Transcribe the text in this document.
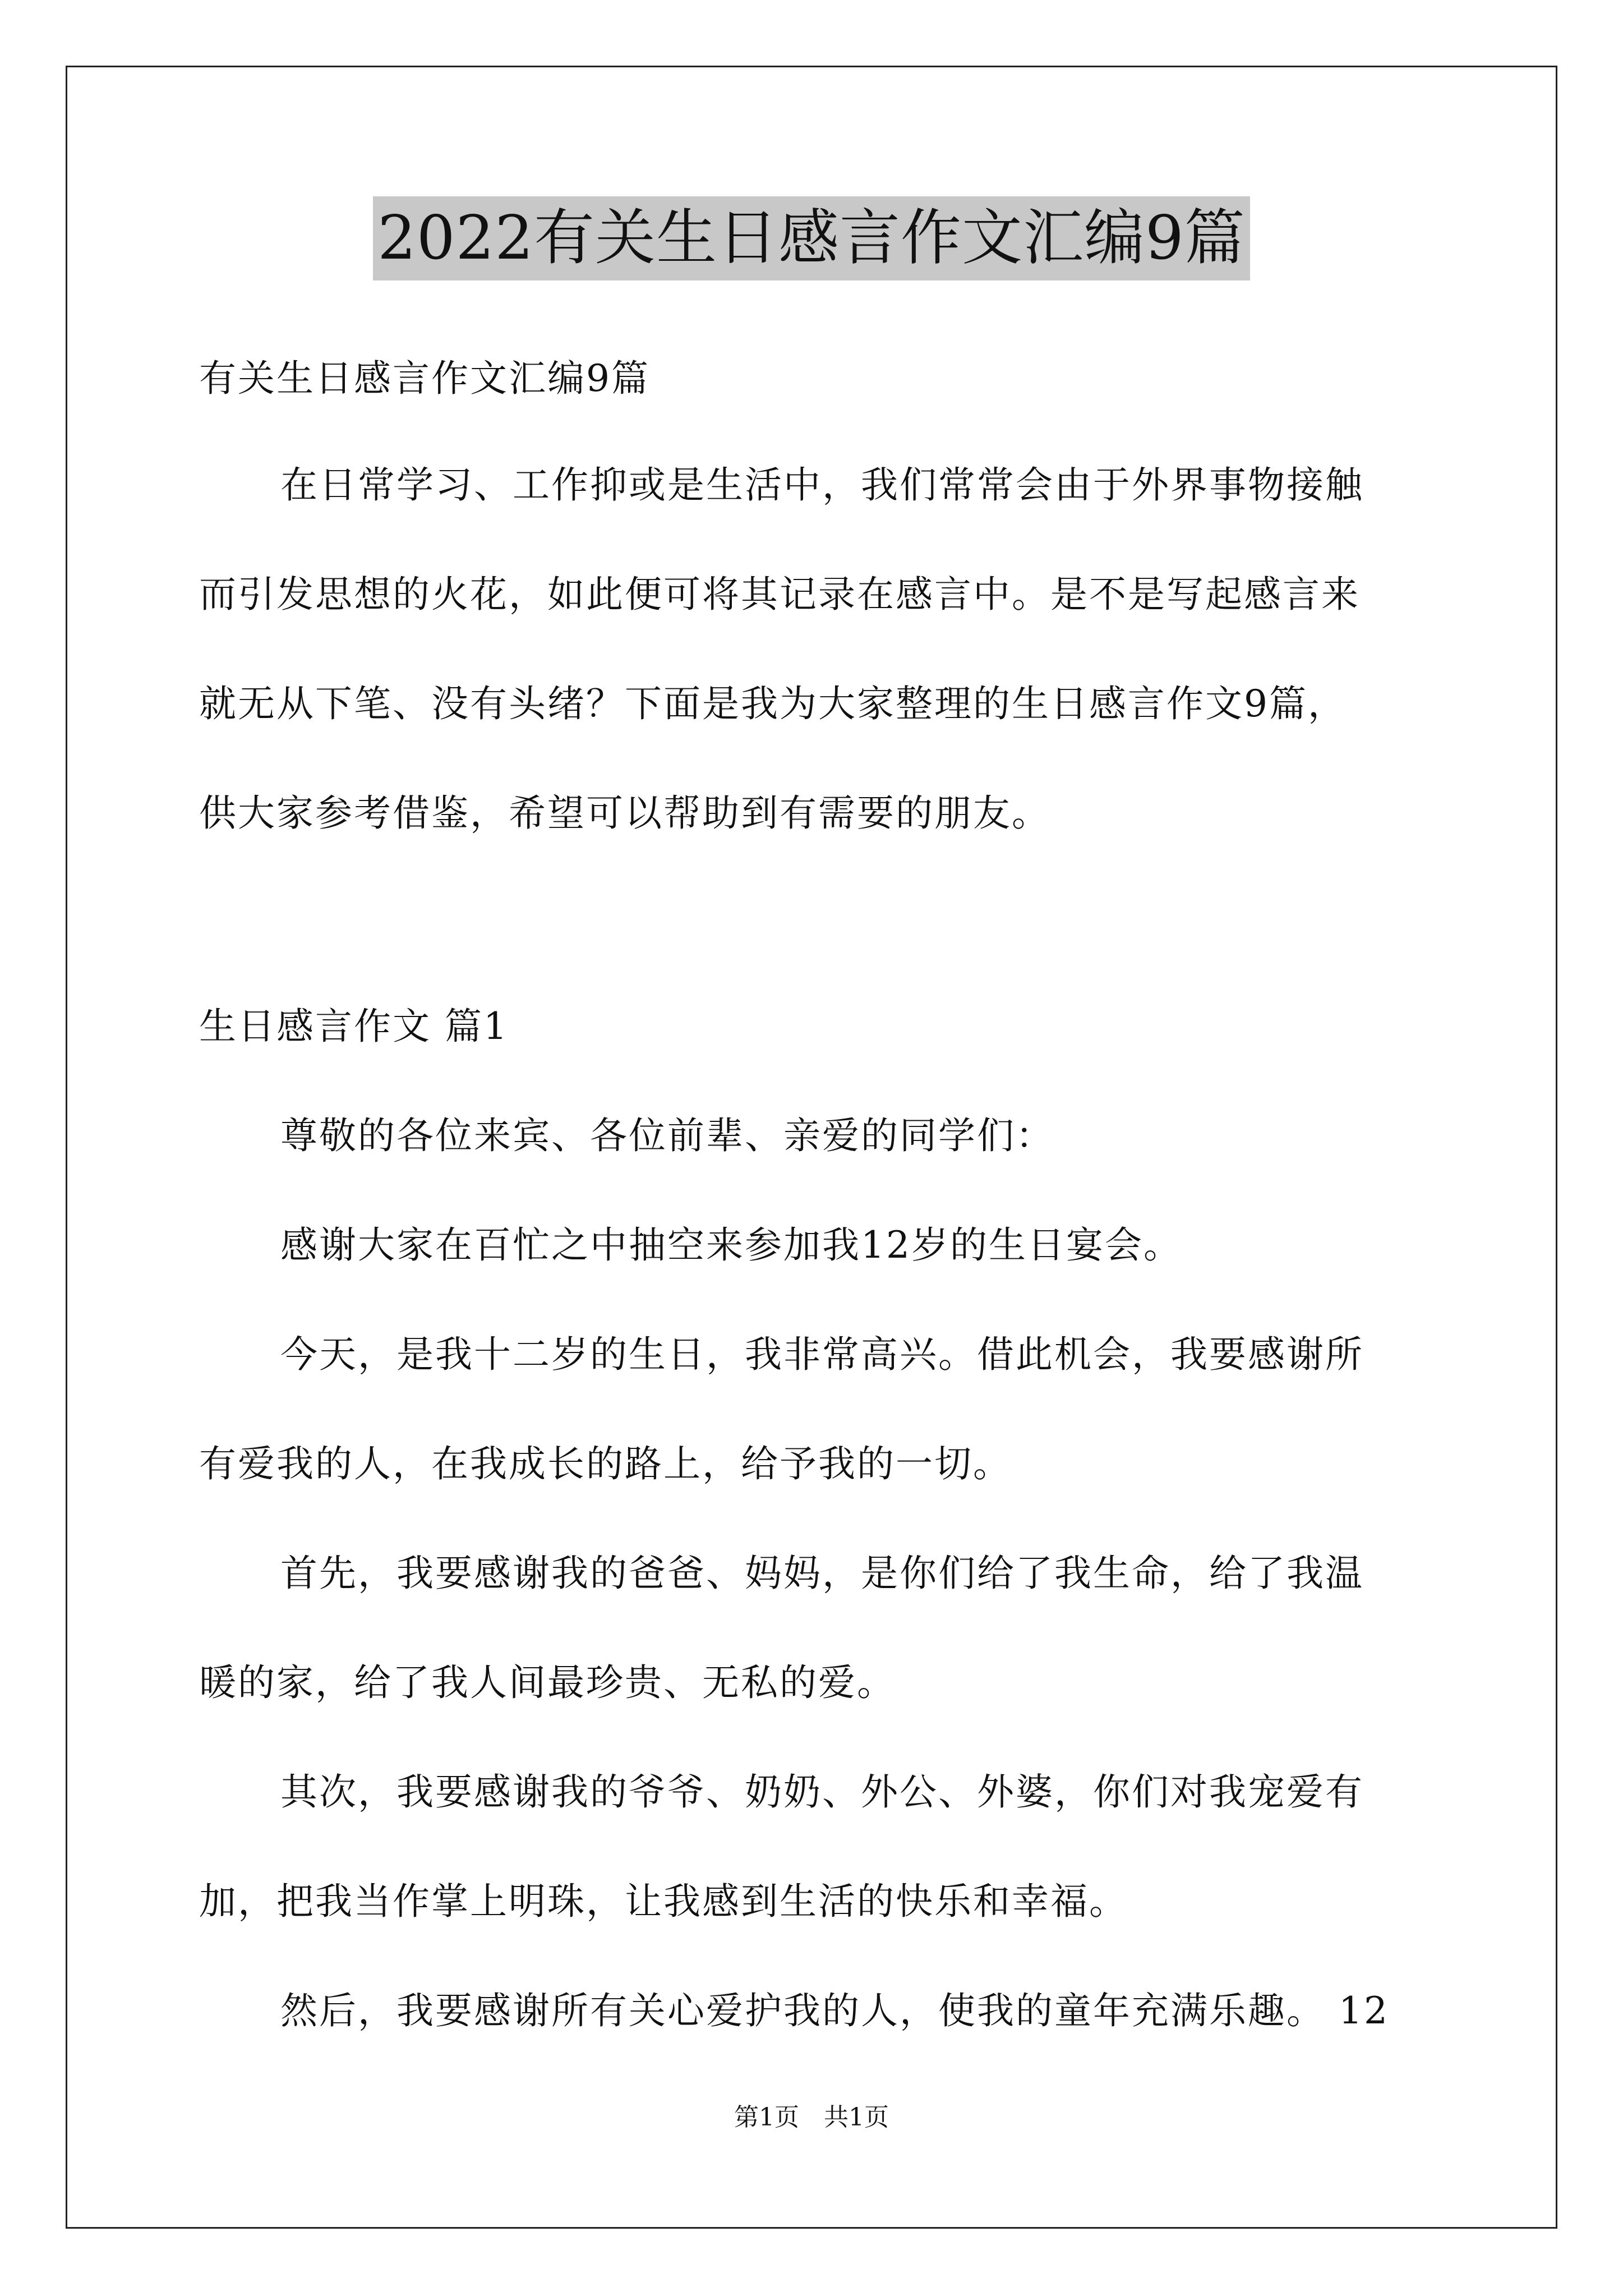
2022有关生日感言作文汇编9篇
有关生日感言作文汇编9篇
在日常学习、工作抑或是生活中，我们常常会由于外界事物接触
而引发思想的火花，如此便可将其记录在感言中。是不是写起感言来
就无从下笔、没有头绪？下面是我为大家整理的生日感言作文9篇，
供大家参考借鉴，希望可以帮助到有需要的朋友。
生日感言作文 篇1
尊敬的各位来宾、各位前辈、亲爱的同学们：
感谢大家在百忙之中抽空来参加我12岁的生日宴会。
今天，是我十二岁的生日，我非常高兴。借此机会，我要感谢所
有爱我的人，在我成长的路上，给予我的一切。
首先，我要感谢我的爸爸、妈妈，是你们给了我生命，给了我温
暖的家，给了我人间最珍贵、无私的爱。
其次，我要感谢我的爷爷、奶奶、外公、外婆，你们对我宠爱有
加，把我当作掌上明珠，让我感到生活的快乐和幸福。
然后，我要感谢所有关心爱护我的人，使我的童年充满乐趣。 12
第1页　共1页
